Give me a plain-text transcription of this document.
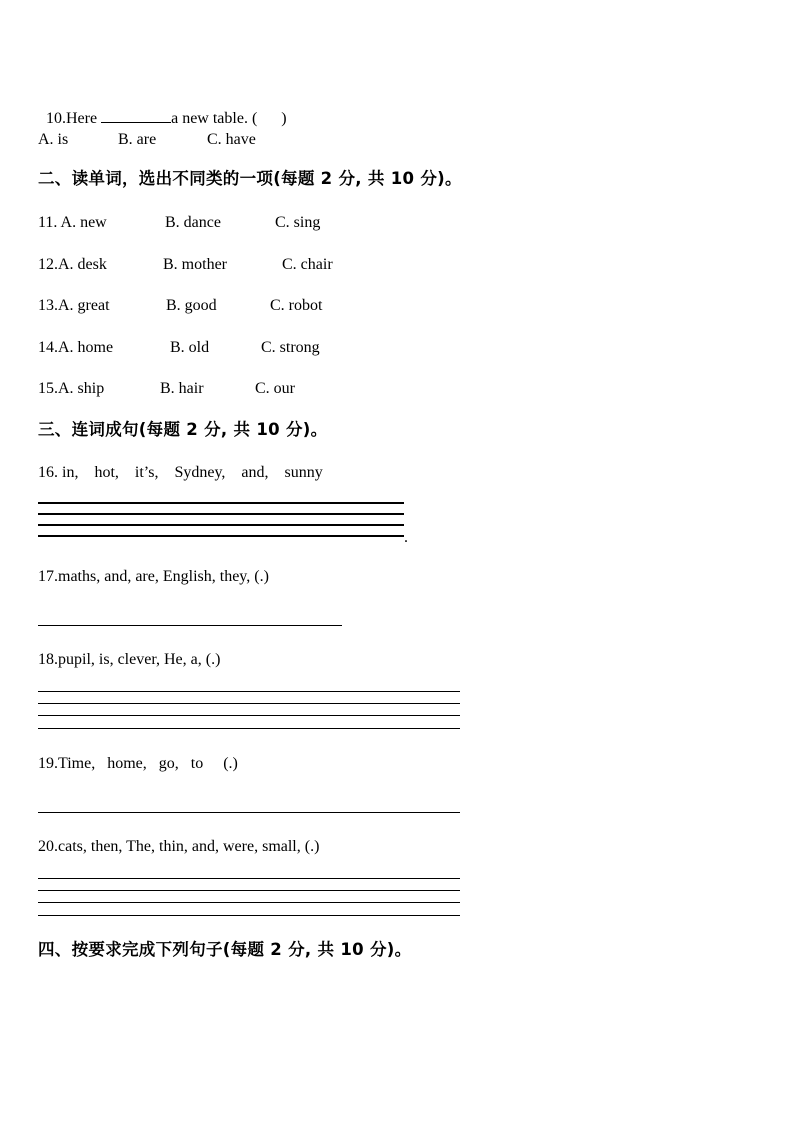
10.Here	a new table. (      )

A. is	B. are	C. have
二、读单词，选出不同类的一项(每题 2 分, 共 10 分)。
11. A. new	B. dance	C. sing
12.A. desk	B. mother	C. chair
13.A. great	B. good	C. robot
14.A. home	B. old	C. strong
15.A. ship	B. hair	C. our
三、连词成句(每题 2 分, 共 10 分)。
16. in,    hot,    it’s,    Sydney,    and,    sunny
.
17.maths, and, are, English, they, (.)
18.pupil, is, clever, He, a, (.)
19.Time,   home,   go,   to     (.)
20.cats, then, The, thin, and, were, small, (.)
四、按要求完成下列句子(每题 2 分, 共 10 分)。
